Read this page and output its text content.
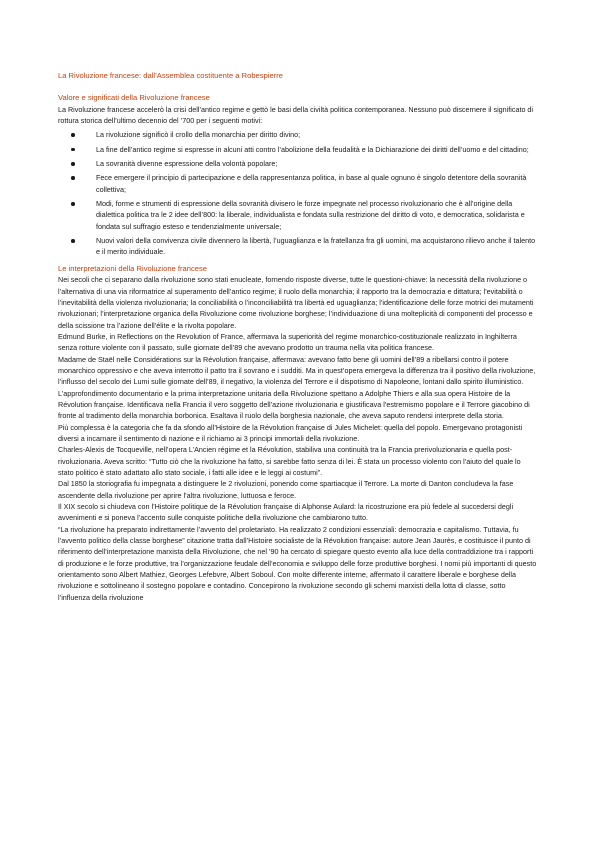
La Rivoluzione francese: dall’Assemblea costituente a Robespierre
Valore e significati della Rivoluzione francese

La Rivoluzione francese accelerò la crisi dell’antico regime e gettò le basi della civiltà politica contemporanea. Nessuno può discernere il significato di rottura storica dell’ultimo decennio del ’700 per i seguenti motivi:

La rivoluzione significò il crollo della monarchia per diritto divino;
La fine dell’antico regime si espresse in alcuni atti contro l’abolizione della feudalità e la Dichiarazione dei diritti dell’uomo e del cittadino;
La sovranità divenne espressione della volontà popolare;
Fece emergere il principio di partecipazione e della rappresentanza politica, in base al quale ognuno è singolo detentore della sovranità collettiva;
Modi, forme e strumenti di espressione della sovranità divisero le forze impegnate nel processo rivoluzionario che è all’origine della dialettica politica tra le 2 idee dell’800: la liberale, individualista e fondata sulla restrizione del diritto di voto, e democratica, solidarista e fondata sul suffragio esteso e tendenzialmente universale;
Nuovi valori della convivenza civile divennero la libertà, l’uguaglianza e la fratellanza fra gli uomini, ma acquistarono rilievo anche il talento e il merito individuale.
Le interpretazioni della Rivoluzione francese

Nei secoli che ci separano dalla rivoluzione sono stati enucleate, fornendo risposte diverse, tutte le questioni-chiave: la necessità della rivoluzione o l’alternativa di una via riformatrice al superamento dell’antico regime; il ruolo della monarchia; il rapporto tra la democrazia e dittatura; l’evitabilità o l’inevitabilità della violenza rivoluzionaria; la conciliabilità o l’inconciliabilità tra libertà ed uguaglianza; l’identificazione delle forze motrici dei mutamenti rivoluzionari; l’interpretazione organica della Rivoluzione come rivoluzione borghese; l’individuazione di una molteplicità di componenti del processo e della scissione tra l’azione dell’élite e la rivolta popolare.

Edmund Burke, in Reflections on the Revolution of France, affermava la superiorità del regime monarchico-costituzionale realizzato in Inghilterra senza rotture violente con il passato, sulle giornate dell’89 che avevano prodotto un trauma nella vita politica francese.

Madame de Staël nelle Considérations sur la Révolution française, affermava: avevano fatto bene gli uomini dell’89 a ribellarsi contro il potere monarchico oppressivo e che aveva interrotto il patto tra il sovrano e i sudditi. Ma in quest’opera emergeva la differenza tra il positivo della rivoluzione, l’influsso del secolo dei Lumi sulle giornate dell’89, il negativo, la violenza del Terrore e il dispotismo di Napoleone, lontani dallo spirito illuministico. L’approfondimento documentario e la prima interpretazione unitaria della Rivoluzione spettano a Adolphe Thiers e alla sua opera Histoire de la Révolution française. Identificava nella Francia il vero soggetto dell’azione rivoluzionaria e giustificava l’estremismo popolare e il Terrore giacobino di fronte al tradimento della monarchia borbonica. Esaltava il ruolo della borghesia nazionale, che aveva saputo rendersi interprete della storia.

Più complessa è la categoria che fa da sfondo all’Histoire de la Révolution française di Jules Michelet: quella del popolo. Emergevano protagonisti diversi a incarnare il sentimento di nazione e il richiamo ai 3 principi immortali della rivoluzione.

Charles-Alexis de Tocqueville, nell’opera L’Ancien régime et la Révolution, stabiliva una continuità tra la Francia prerivoluzionaria e quella post-rivoluzionaria. Aveva scritto: “Tutto ciò che la rivoluzione ha fatto, si sarebbe fatto senza di lei. È stata un processo violento con l’aiuto del quale lo stato politico è stato adattato allo stato sociale, i fatti alle idee e le leggi ai costumi”.

Dal 1850 la storiografia fu impegnata a distinguere le 2 rivoluzioni, ponendo come spartiacque il Terrore. La morte di Danton concludeva la fase ascendente della rivoluzione per aprire l’altra rivoluzione, luttuosa e feroce.

Il XIX secolo si chiudeva con l’Histoire politique de la Révolution française di Alphonse Aulard: la ricostruzione era più fedele al succedersi degli avvenimenti e si poneva l’accento sulle conquiste politiche della rivoluzione che cambiarono tutto.

“La rivoluzione ha preparato indirettamente l’avvento del proletariato. Ha realizzato 2 condizioni essenziali: democrazia e capitalismo. Tuttavia, fu l’avvento politico della classe borghese” citazione tratta dall’Histoire socialiste de la Révolution française: autore Jean Jaurès, e costituisce il punto di riferimento dell’interpretazione marxista della Rivoluzione, che nel ’90 ha cercato di spiegare questo evento alla luce della contraddizione tra i rapporti di produzione e le forze produttive, tra l’organizzazione feudale dell’economia e sviluppo delle forze produttive borghesi. I nomi più importanti di questo orientamento sono Albert Mathiez, Georges Lefebvre, Albert Soboul. Con molte differente interne, affermato il carattere liberale e borghese della rivoluzione e sottolineano il sostegno popolare e contadino. Concepirono la rivoluzione secondo gli schemi marxisti della lotta di classe, sotto l’influenza della rivoluzione
